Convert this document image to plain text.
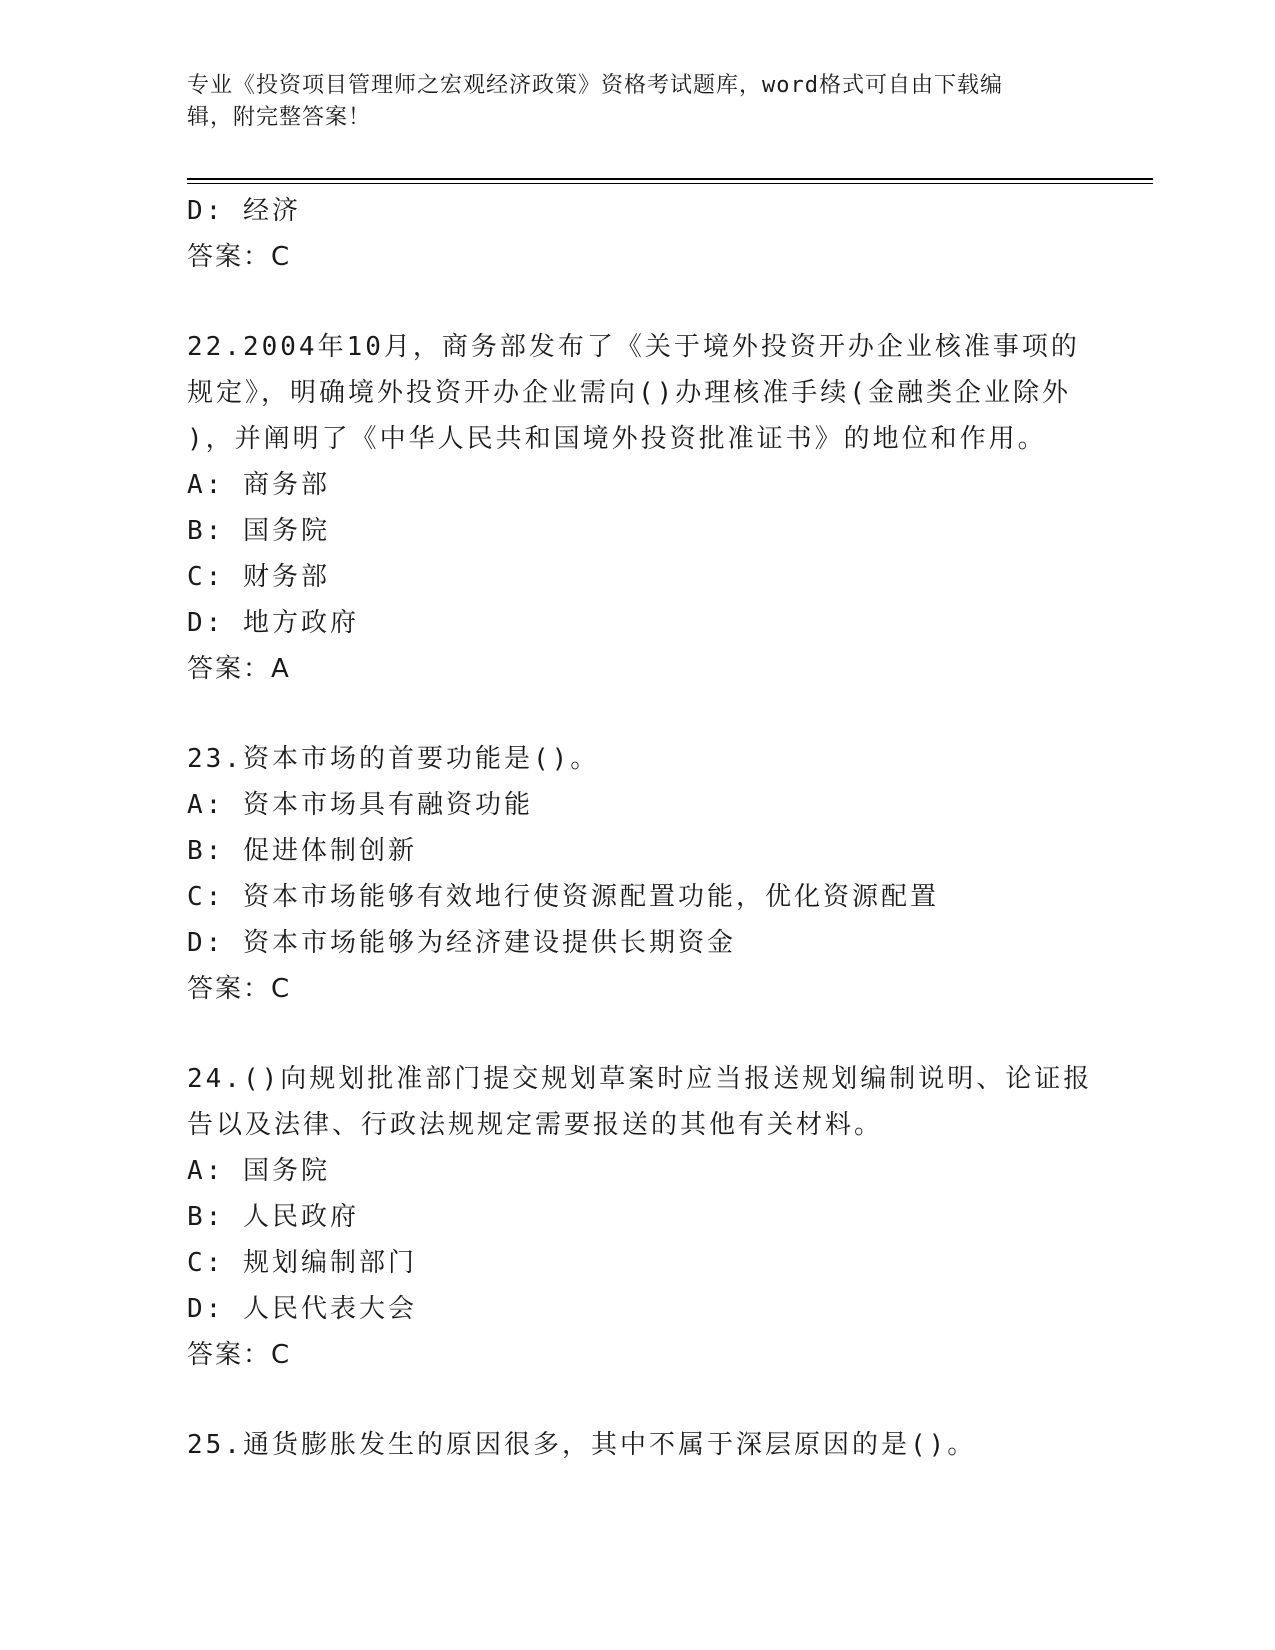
专业《投资项目管理师之宏观经济政策》资格考试题库，word格式可自由下载编
辑，附完整答案！
D: 经济
答案：C
22.2004年10月，商务部发布了《关于境外投资开办企业核准事项的
规定》，明确境外投资开办企业需向()办理核准手续(金融类企业除外
)，并阐明了《中华人民共和国境外投资批准证书》的地位和作用。
A: 商务部
B: 国务院
C: 财务部
D: 地方政府
答案：A
23.资本市场的首要功能是()。
A: 资本市场具有融资功能
B: 促进体制创新
C: 资本市场能够有效地行使资源配置功能，优化资源配置
D: 资本市场能够为经济建设提供长期资金
答案：C
24.()向规划批准部门提交规划草案时应当报送规划编制说明、论证报
告以及法律、行政法规规定需要报送的其他有关材料。
A: 国务院
B: 人民政府
C: 规划编制部门
D: 人民代表大会
答案：C
25.通货膨胀发生的原因很多，其中不属于深层原因的是()。
